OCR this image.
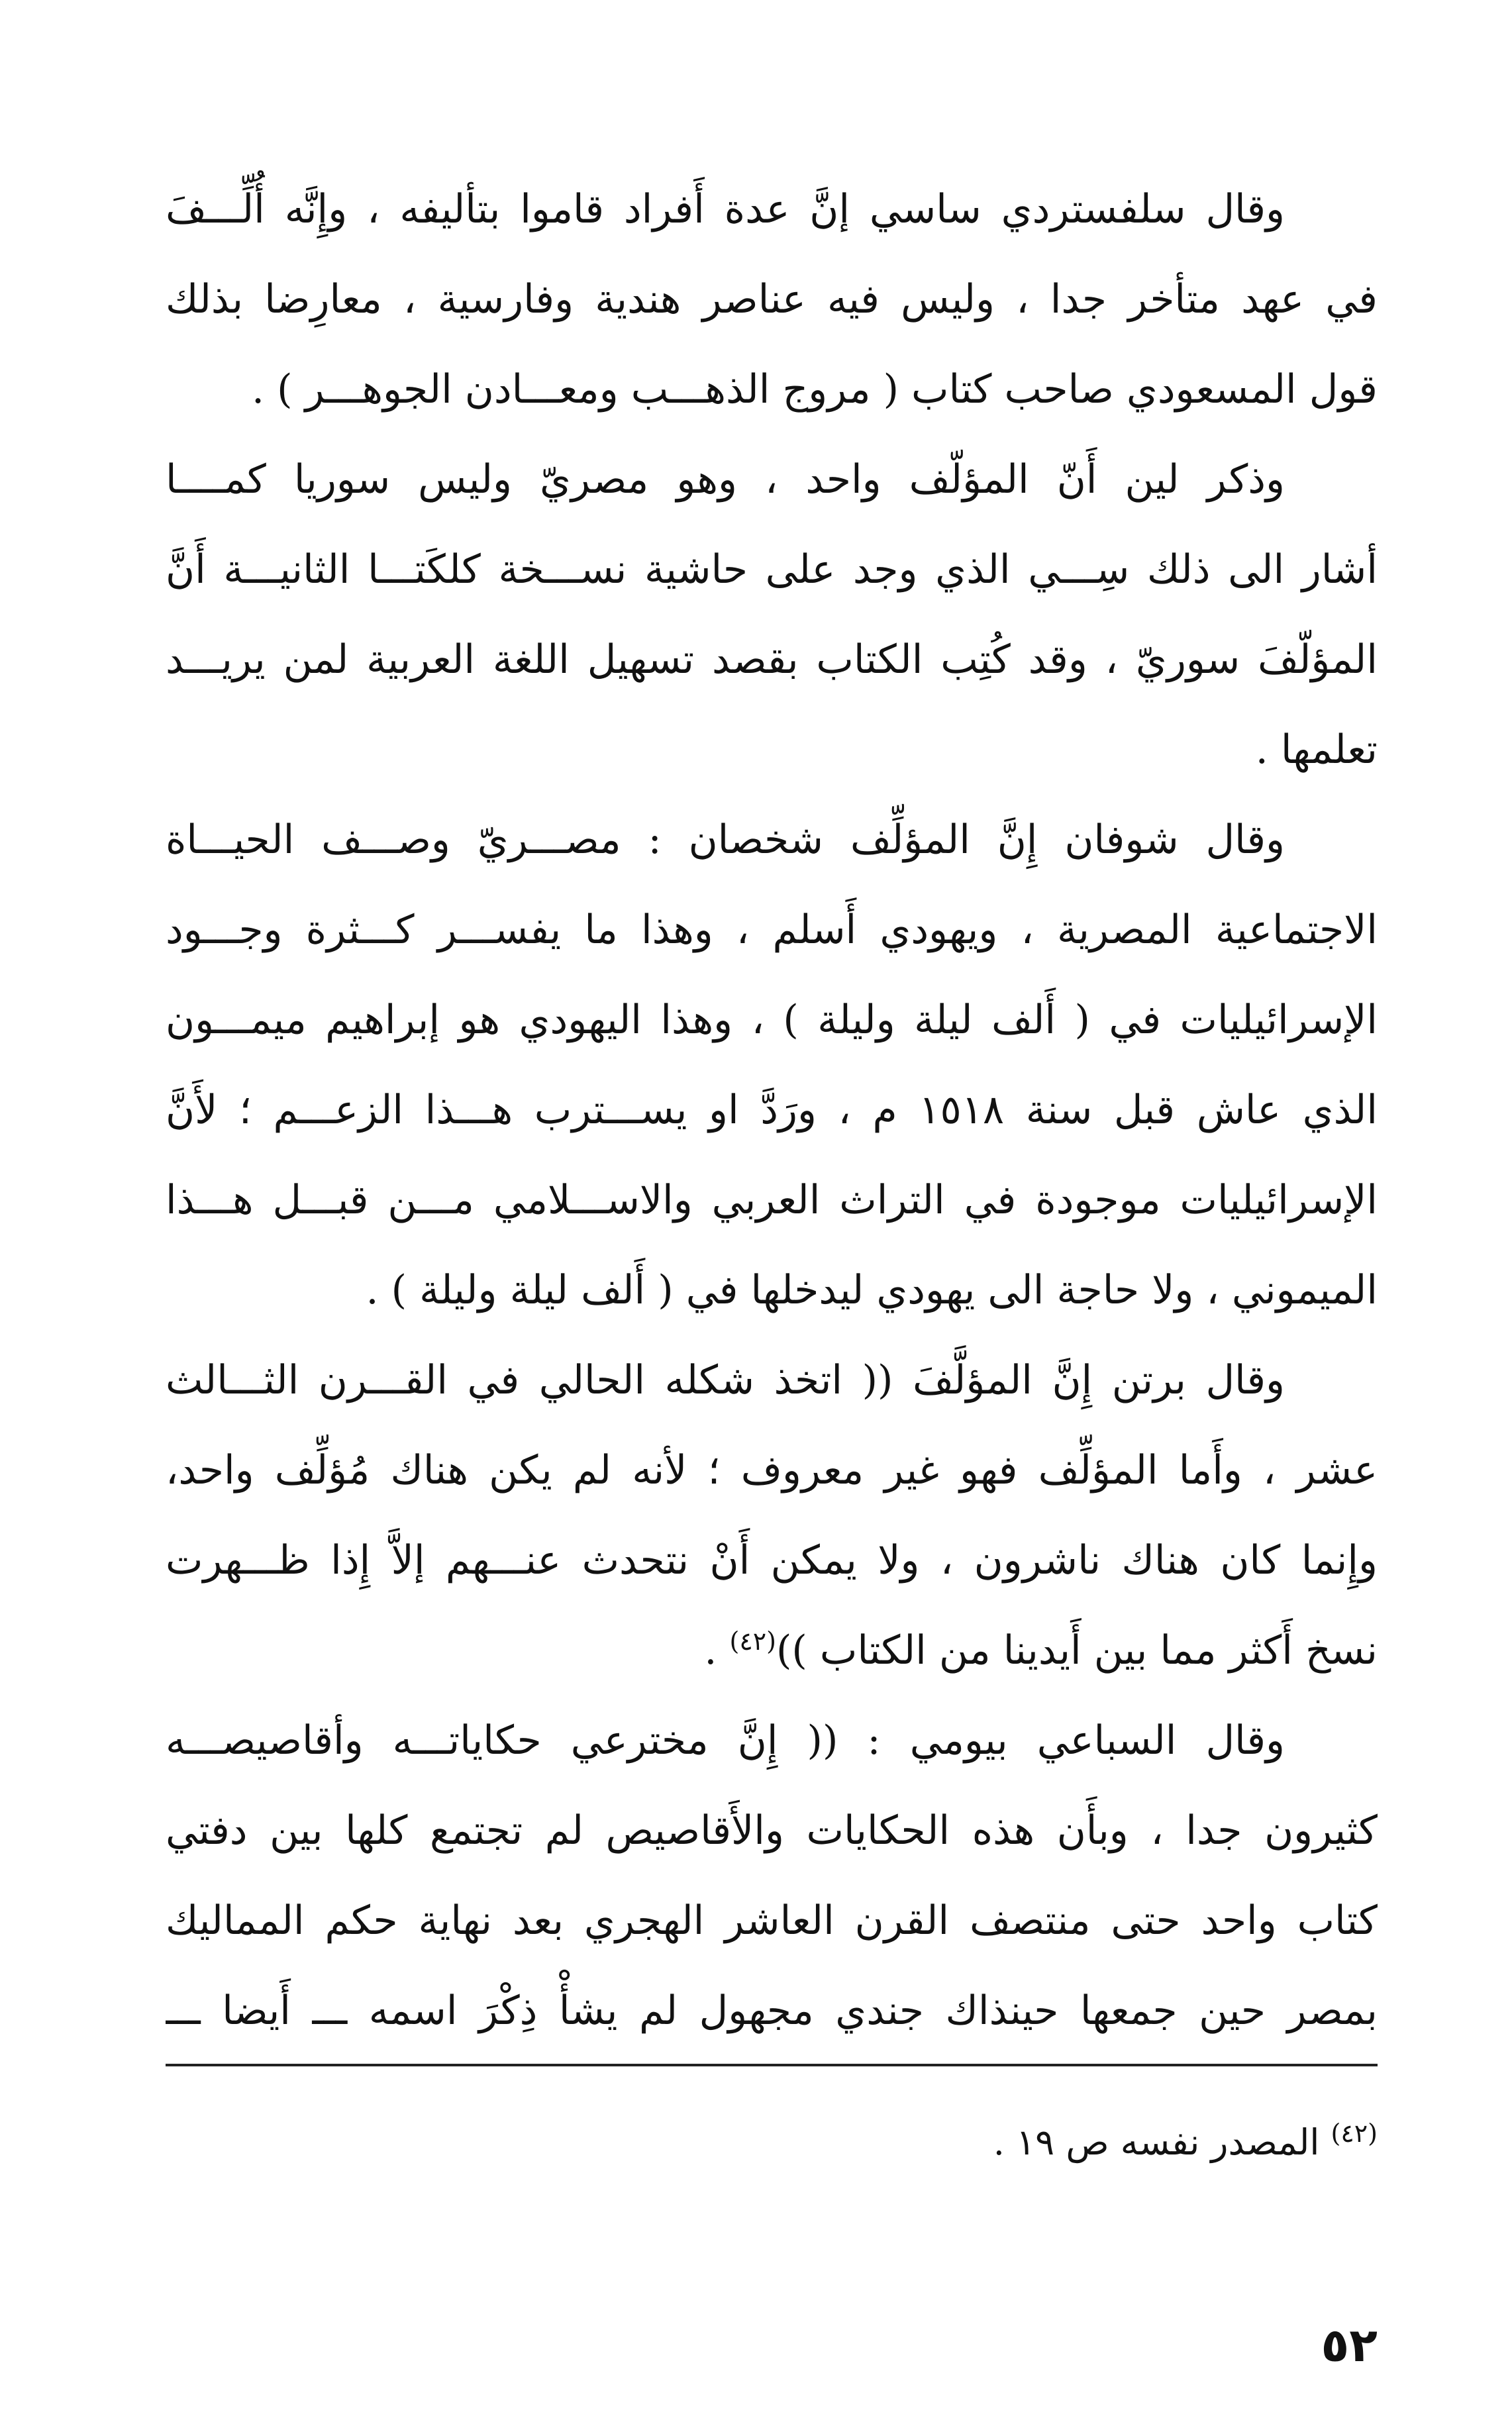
وقال سلفستردي ساسي إنَّ عدة أَفراد قاموا بتأليفه ، وإِنَّه أُلِّـــفَ
في عهد متأخر جدا ، وليس فيه عناصر هندية وفارسية ، معارِضا بذلك
قول المسعودي صاحب كتاب ( مروج الذهـــب ومعـــادن الجوهـــر ) .
وذكر لين أَنّ المؤلّف واحد ، وهو مصريّ وليس سوريا كمــــا
أشار الى ذلك سِـــي الذي وجد على حاشية نســـخة كلكَتـــا الثانيـــة أَنَّ
المؤلّفَ سوريّ ، وقد كُتِب الكتاب بقصد تسهيل اللغة العربية لمن يريـــد
تعلمها .
وقال شوفان إِنَّ المؤلِّف شخصان : مصـــريّ وصـــف الحيـــاة
الاجتماعية المصرية ، ويهودي أَسلم ، وهذا ما يفســـر كـــثرة وجـــود
الإسرائيليات في ( أَلف ليلة وليلة ) ، وهذا اليهودي هو إبراهيم ميمـــون
الذي عاش قبل سنة ١٥١٨ م ، ورَدَّ او يســـترب هـــذا الزعـــم ؛ لأَنَّ
الإسرائيليات موجودة في التراث العربي والاســـلامي مـــن قبـــل هـــذا
الميموني ، ولا حاجة الى يهودي ليدخلها في ( أَلف ليلة وليلة ) .
وقال برتن إِنَّ المؤلَّفَ (( اتخذ شكله الحالي في القـــرن الثـــالث
عشر ، وأَما المؤلِّف فهو غير معروف ؛ لأنه لم يكن هناك مُؤلِّف واحد،
وإِنما كان هناك ناشرون ، ولا يمكن أَنْ نتحدث عنـــهم إلاَّ إِذا ظـــهرت
نسخ أَكثر مما بين أَيدينا من الكتاب ))$^{(٤٢)}$ .
وقال السباعي بيومي : (( إِنَّ مخترعي حكاياتـــه وأقاصيصـــه
كثيرون جدا ، وبأَن هذه الحكايات والأَقاصيص لم تجتمع كلها بين دفتي
كتاب واحد حتى منتصف القرن العاشر الهجري بعد نهاية حكم المماليك
بمصر حين جمعها حينذاك جندي مجهول لم يشأْ ذِكْرَ اسمه ـــ أَيضا ـــ
$^{(٤٢)}$ المصدر نفسه ص ١٩ .
٥٢
